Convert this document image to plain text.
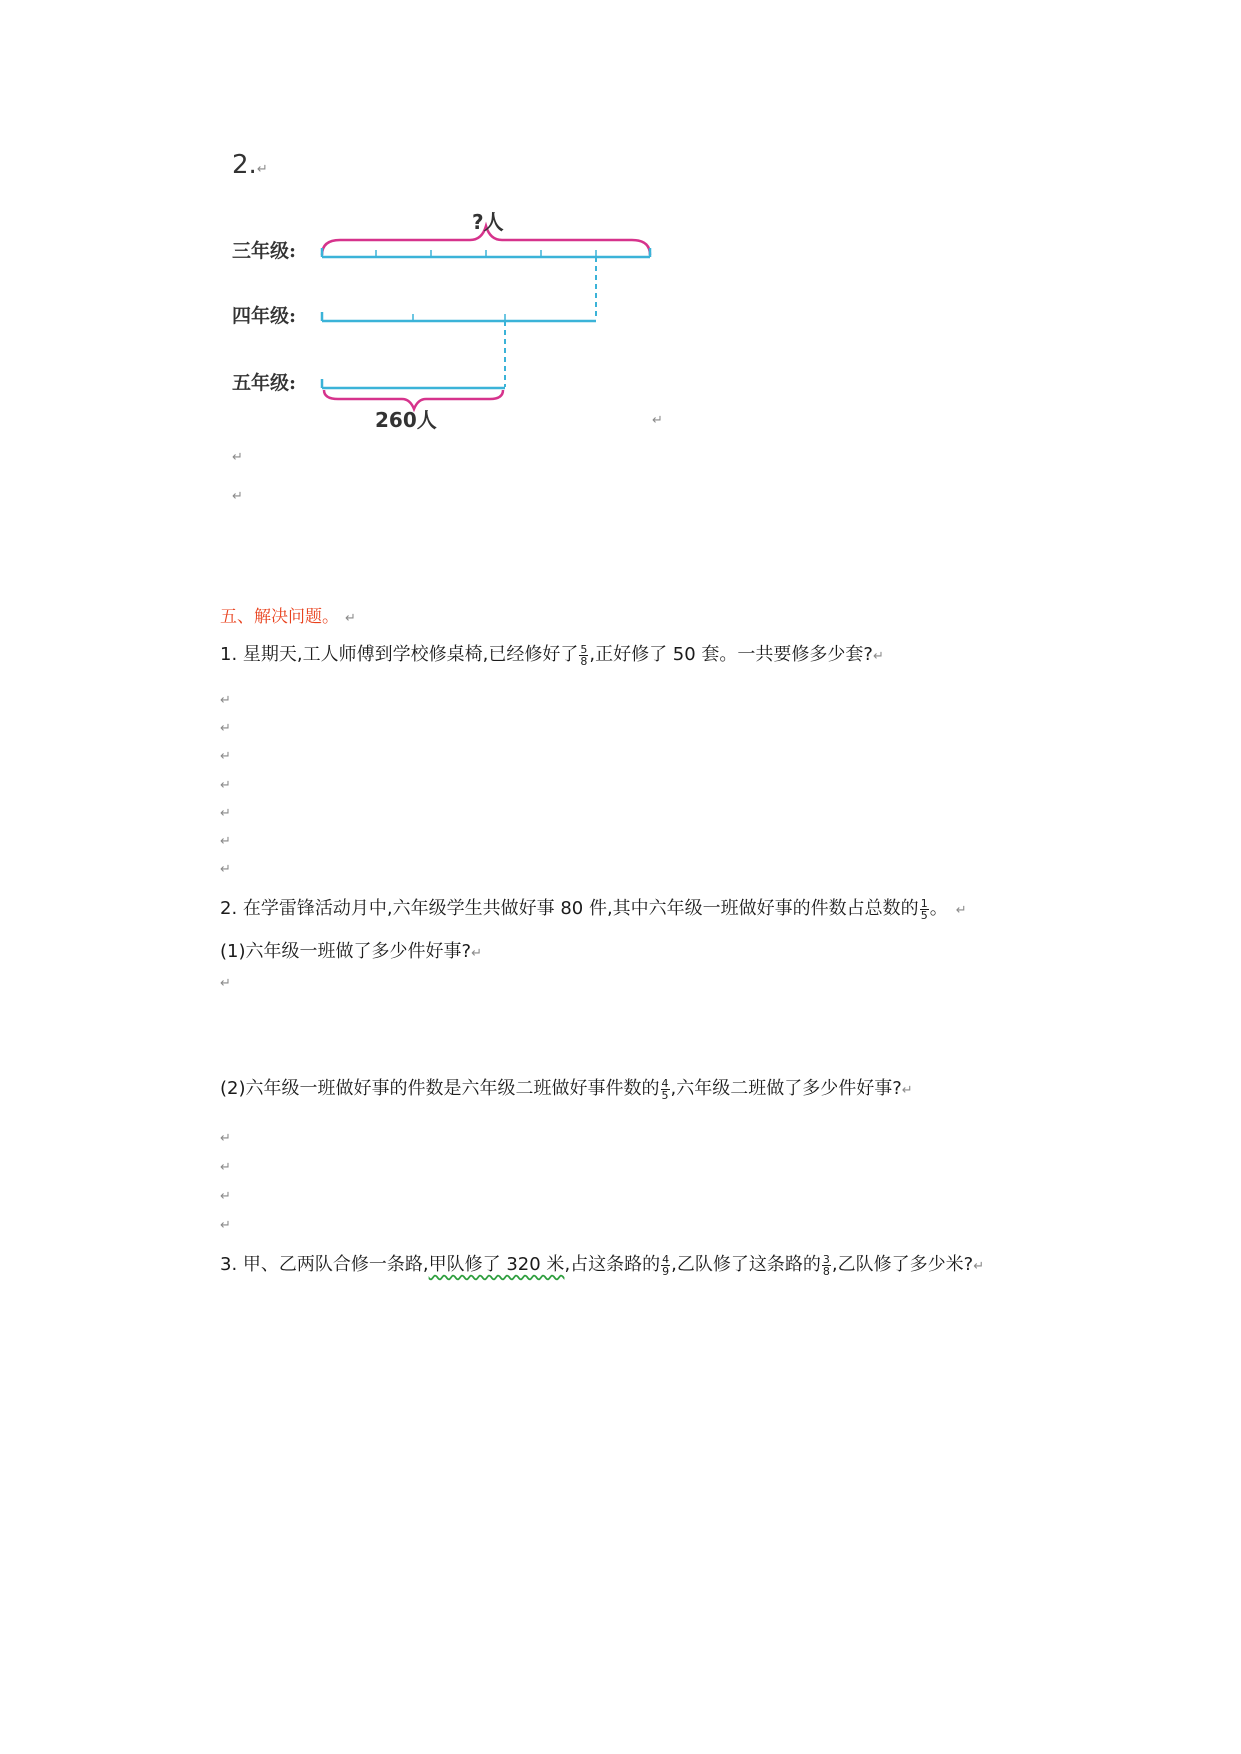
2.↵
三年级:
四年级:
五年级:
?人
260人	↵
↵
↵
五、解决问题。 ↵
1. 星期天,工人师傅到学校修桌椅,已经修好了 $\frac{5}{8}$ ,正好修了 50 套。一共要修多少套?↵
↵
↵
↵
↵
↵
↵
↵
2. 在学雷锋活动月中,六年级学生共做好事 80 件,其中六年级一班做好事的件数占总数的 $\frac{1}{5}$ 。 ↵
(1)六年级一班做了多少件好事?↵
↵
(2)六年级一班做好事的件数是六年级二班做好事件数的 $\frac{4}{5}$ ,六年级二班做了多少件好事?↵
↵
↵
↵
↵
3. 甲、乙两队合修一条路,甲队修了 320 米,占这条路的 $\frac{4}{9}$ ,乙队修了这条路的 $\frac{3}{8}$ ,乙队修了多少米?↵
